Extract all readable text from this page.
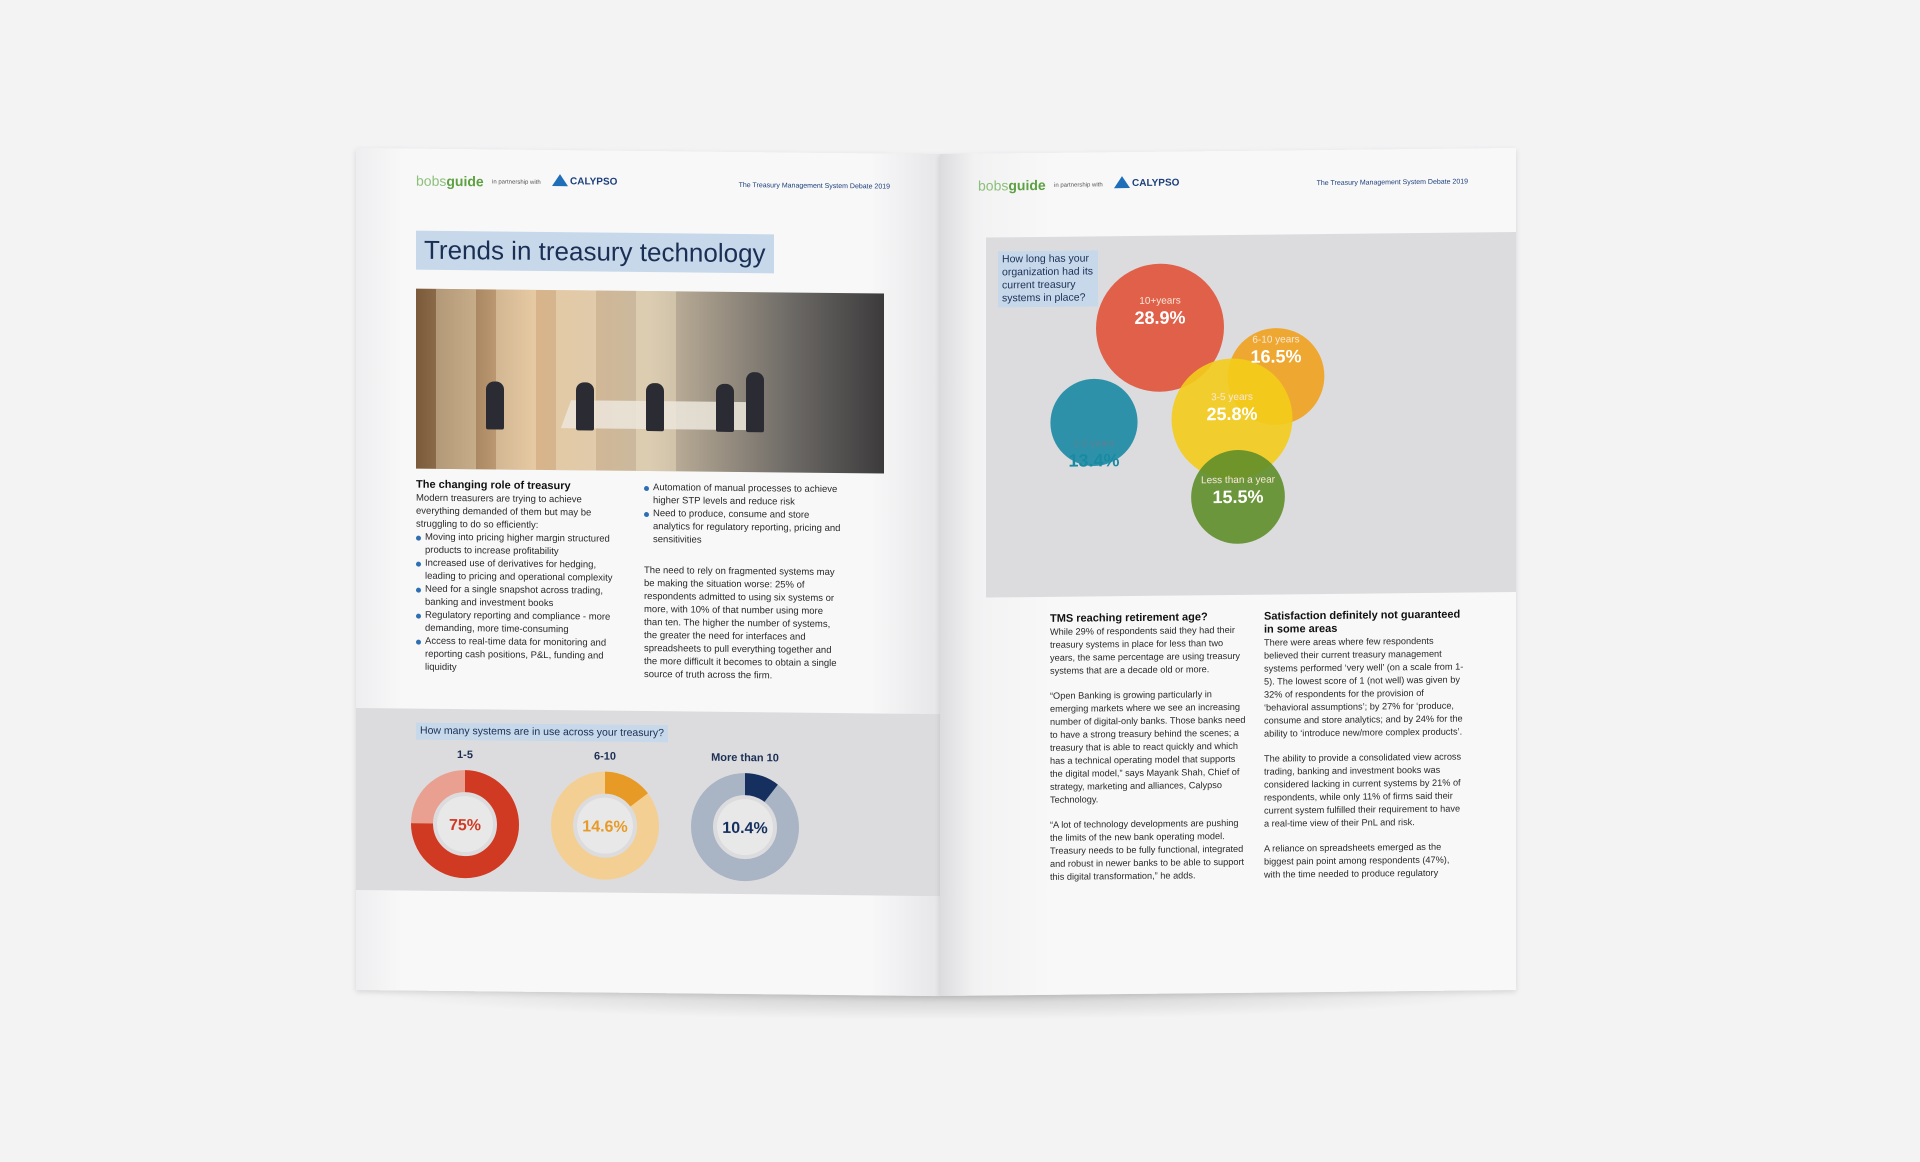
bobsguide in partnership with	CALYPSO	The Treasury Management System Debate 2019
Trends in treasury technology
The changing role of treasury
Modern treasurers are trying to achieve everything demanded of them but may be struggling to do so efficiently:
Moving into pricing higher margin structured products to increase profitability
Increased use of derivatives for hedging, leading to pricing and operational complexity
Need for a single snapshot across trading, banking and investment books
Regulatory reporting and compliance - more demanding, more time-consuming
Access to real-time data for monitoring and reporting cash positions, P&L, funding and liquidity
Automation of manual processes to achieve higher STP levels and reduce risk
Need to produce, consume and store analytics for regulatory reporting, pricing and sensitivities

The need to rely on fragmented systems may be making the situation worse: 25% of respondents admitted to using six systems or more, with 10% of that number using more than ten. The higher the number of systems, the greater the need for interfaces and spreadsheets to pull everything together and the more difficult it becomes to obtain a single source of truth across the firm.

How many systems are in use across your treasury?
1-5
75%
6-10
14.6%
More than 10
10.4%
bobsguide in partnership with	CALYPSO	The Treasury Management System Debate 2019
How long has your organization had its current treasury systems in place?	10+years
28.9%
6-10 years
16.5%
3-5 years
25.8%
1-2 years
13.4%
Less than a year
15.5%
TMS reaching retirement age?

While 29% of respondents said they had their treasury systems in place for less than two years, the same percentage are using treasury systems that are a decade old or more.

“Open Banking is growing particularly in emerging markets where we see an increasing number of digital-only banks. Those banks need to have a strong treasury behind the scenes; a treasury that is able to react quickly and which has a technical operating model that supports the digital model,” says Mayank Shah, Chief of strategy, marketing and alliances, Calypso Technology.

“A lot of technology developments are pushing the limits of the new bank operating model. Treasury needs to be fully functional, integrated and robust in newer banks to be able to support this digital transformation,” he adds.

Satisfaction definitely not guaranteed in some areas

There were areas where few respondents believed their current treasury management systems performed ‘very well’ (on a scale from 1-5). The lowest score of 1 (not well) was given by 32% of respondents for the provision of ‘behavioral assumptions’; by 27% for ‘produce, consume and store analytics; and by 24% for the ability to ‘introduce new/more complex products’.

The ability to provide a consolidated view across trading, banking and investment books was considered lacking in current systems by 21% of respondents, while only 11% of firms said their current system fulfilled their requirement to have a real-time view of their PnL and risk.

A reliance on spreadsheets emerged as the biggest pain point among respondents (47%), with the time needed to produce regulatory
